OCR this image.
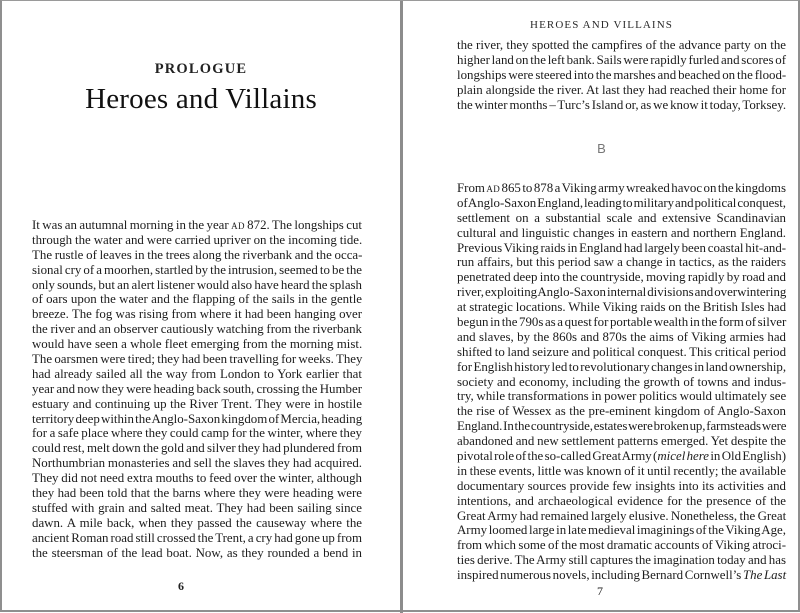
PROLOGUE
Heroes and Villains
It was an autumnal morning in the year ad 872. The longships cut
through the water and were carried upriver on the incoming tide.
The rustle of leaves in the trees along the riverbank and the occa-
sional cry of a moorhen, startled by the intrusion, seemed to be the
only sounds, but an alert listener would also have heard the splash
of oars upon the water and the flapping of the sails in the gentle
breeze. The fog was rising from where it had been hanging over
the river and an observer cautiously watching from the riverbank
would have seen a whole fleet emerging from the morning mist.
The oarsmen were tired; they had been travelling for weeks. They
had already sailed all the way from London to York earlier that
year and now they were heading back south, crossing the Humber
estuary and continuing up the River Trent. They were in hostile
territory deep within the Anglo-Saxon kingdom of Mercia, heading
for a safe place where they could camp for the winter, where they
could rest, melt down the gold and silver they had plundered from
Northumbrian monasteries and sell the slaves they had acquired.
They did not need extra mouths to feed over the winter, although
they had been told that the barns where they were heading were
stuffed with grain and salted meat. They had been sailing since
dawn. A mile back, when they passed the causeway where the
ancient Roman road still crossed the Trent, a cry had gone up from
the steersman of the lead boat. Now, as they rounded a bend in
6
HEROES AND VILLAINS
the river, they spotted the campfires of the advance party on the
higher land on the left bank. Sails were rapidly furled and scores of
longships were steered into the marshes and beached on the flood-
plain alongside the river. At last they had reached their home for
the winter months – Turc’s Island or, as we know it today, Torksey.
B
From ad 865 to 878 a Viking army wreaked havoc on the kingdoms
of Anglo-Saxon England, leading to military and political conquest,
settlement on a substantial scale and extensive Scandinavian
cultural and linguistic changes in eastern and northern England.
Previous Viking raids in England had largely been coastal hit-and-
run affairs, but this period saw a change in tactics, as the raiders
penetrated deep into the countryside, moving rapidly by road and
river, exploiting Anglo-Saxon internal divisions and overwintering
at strategic locations. While Viking raids on the British Isles had
begun in the 790s as a quest for portable wealth in the form of silver
and slaves, by the 860s and 870s the aims of Viking armies had
shifted to land seizure and political conquest. This critical period
for English history led to revolutionary changes in land ownership,
society and economy, including the growth of towns and indus-
try, while transformations in power politics would ultimately see
the rise of Wessex as the pre-eminent kingdom of Anglo-Saxon
England. In the countryside, estates were broken up, farmsteads were
abandoned and new settlement patterns emerged. Yet despite the
pivotal role of the so-called Great Army (micel here in Old English)
in these events, little was known of it until recently; the available
documentary sources provide few insights into its activities and
intentions, and archaeological evidence for the presence of the
Great Army had remained largely elusive. Nonetheless, the Great
Army loomed large in late medieval imaginings of the Viking Age,
from which some of the most dramatic accounts of Viking atroci-
ties derive. The Army still captures the imagination today and has
inspired numerous novels, including Bernard Cornwell’s The Last
7
